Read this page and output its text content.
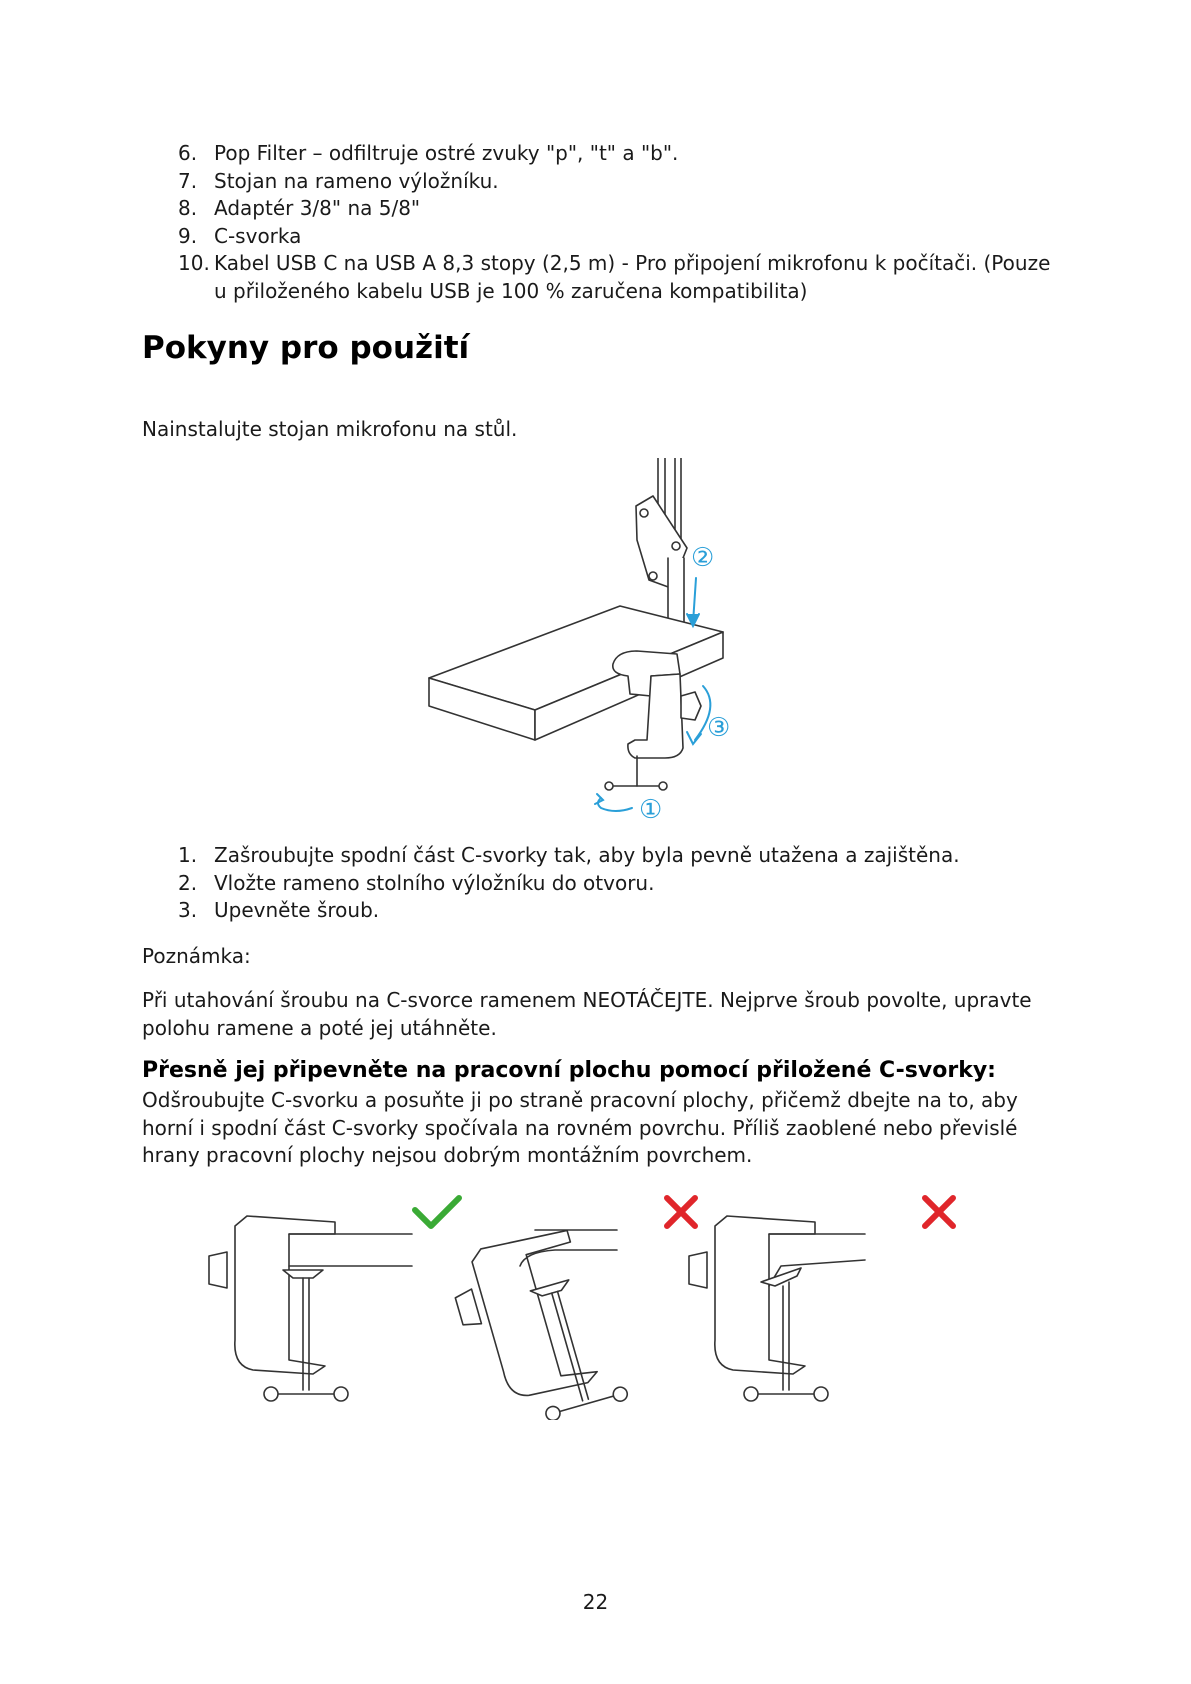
6. Pop Filter – odfiltruje ostré zvuky "p", "t" a "b".
7. Stojan na rameno výložníku.
8. Adaptér 3/8" na 5/8"
9. C-svorka
10. Kabel USB C na USB A 8,3 stopy (2,5 m) - Pro připojení mikrofonu k počítači. (Pouze u přiloženého kabelu USB je 100 % zaručena kompatibilita)
Pokyny pro použití

Nainstalujte stojan mikrofonu na stůl.

②
③
①
1. Zašroubujte spodní část C-svorky tak, aby byla pevně utažena a zajištěna.
2. Vložte rameno stolního výložníku do otvoru.
3. Upevněte šroub.

Poznámka:

Při utahování šroubu na C-svorce ramenem NEOTÁČEJTE. Nejprve šroub povolte, upravte polohu ramene a poté jej utáhněte.

Přesně jej připevněte na pracovní plochu pomocí přiložené C-svorky:

Odšroubujte C-svorku a posuňte ji po straně pracovní plochy, přičemž dbejte na to, aby horní i spodní část C-svorky spočívala na rovném povrchu. Příliš zaoblené nebo převislé hrany pracovní plochy nejsou dobrým montážním povrchem.

22
